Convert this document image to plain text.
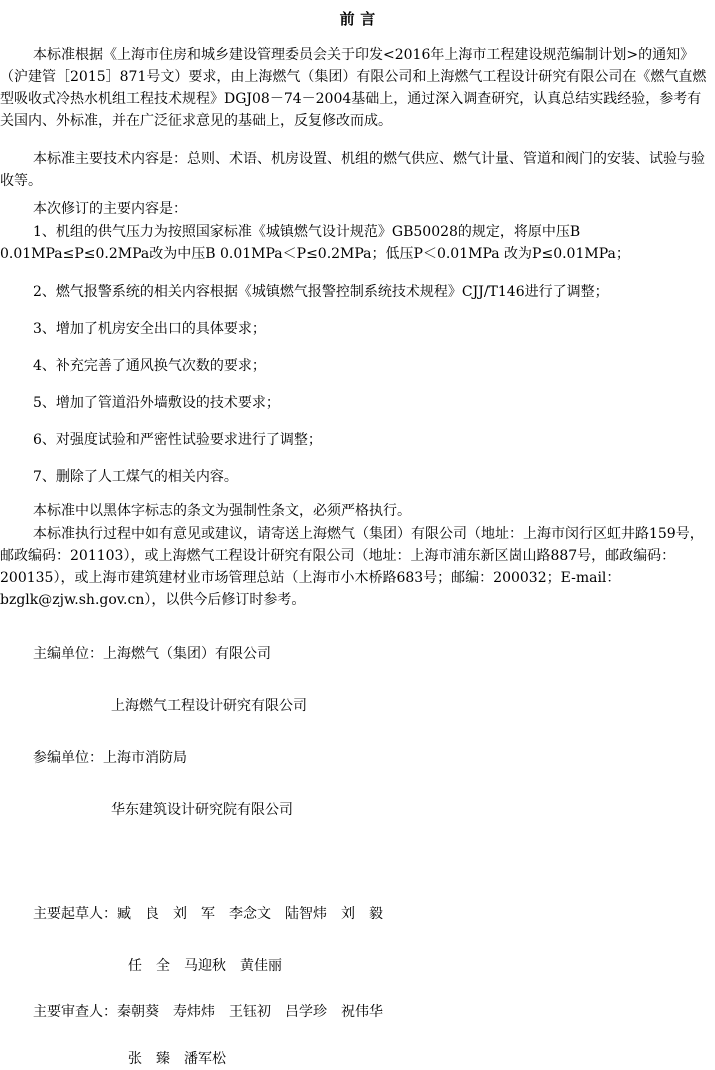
前 言

本标准根据《上海市住房和城乡建设管理委员会关于印发<2016年上海市工程建设规范编制计划>的通知》（沪建管［2015］871号文）要求，由上海燃气（集团）有限公司和上海燃气工程设计研究有限公司在《燃气直燃型吸收式冷热水机组工程技术规程》DGJ08－74－2004基础上，通过深入调查研究，认真总结实践经验，参考有关国内、外标准，并在广泛征求意见的基础上，反复修改而成。

本标准主要技术内容是：总则、术语、机房设置、机组的燃气供应、燃气计量、管道和阀门的安装、试验与验收等。

本次修订的主要内容是：

1、机组的供气压力为按照国家标准《城镇燃气设计规范》GB50028的规定，将原中压B 0.01MPa≤P≤0.2MPa改为中压B 0.01MPa＜P≤0.2MPa；低压P＜0.01MPa 改为P≤0.01MPa；

2、燃气报警系统的相关内容根据《城镇燃气报警控制系统技术规程》CJJ/T146进行了调整；

3、增加了机房安全出口的具体要求；

4、补充完善了通风换气次数的要求；

5、增加了管道沿外墙敷设的技术要求；

6、对强度试验和严密性试验要求进行了调整；

7、删除了人工煤气的相关内容。

本标准中以黑体字标志的条文为强制性条文，必须严格执行。

本标准执行过程中如有意见或建议，请寄送上海燃气（集团）有限公司（地址：上海市闵行区虹井路159号，邮政编码：201103），或上海燃气工程设计研究有限公司（地址：上海市浦东新区崮山路887号，邮政编码：200135），或上海市建筑建材业市场管理总站（上海市小木桥路683号；邮编：200032；E-mail：bzglk@zjw.sh.gov.cn），以供今后修订时参考。

主编单位：上海燃气（集团）有限公司
上海燃气工程设计研究有限公司
参编单位：上海市消防局
华东建筑设计研究院有限公司
主要起草人：臧　良　刘　军　李念文　陆智炜　刘　毅
任　全　马迎秋　黄佳丽
主要审查人：秦朝葵　寿炜炜　王钰初　吕学珍　祝伟华
张　臻　潘军松
